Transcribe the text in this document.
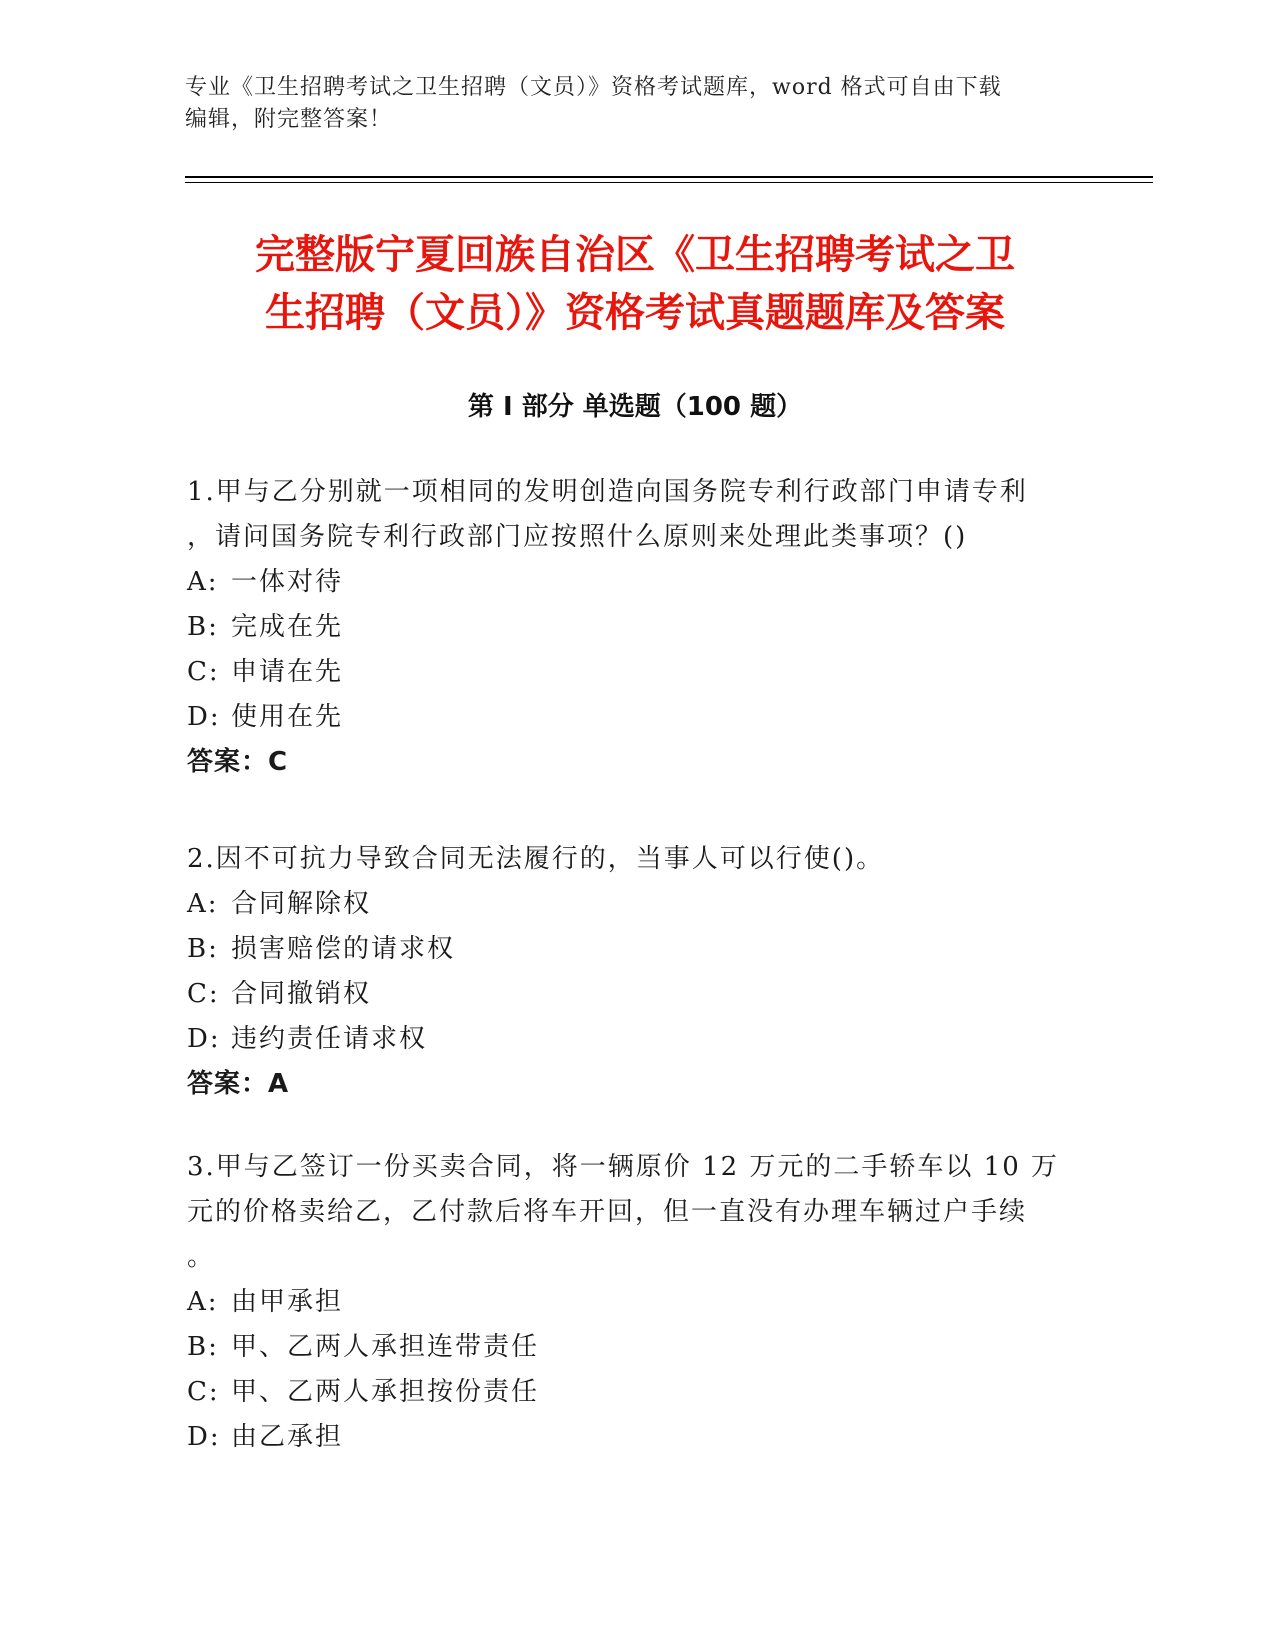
专业《卫生招聘考试之卫生招聘（文员）》资格考试题库，word 格式可自由下载

编辑，附完整答案！

完整版宁夏回族自治区《卫生招聘考试之卫

生招聘（文员）》资格考试真题题库及答案

第 I 部分 单选题（100 题）

1.甲与乙分别就一项相同的发明创造向国务院专利行政部门申请专利

，请问国务院专利行政部门应按照什么原则来处理此类事项？()

A: 一体对待

B: 完成在先

C: 申请在先

D: 使用在先

答案：C

2.因不可抗力导致合同无法履行的，当事人可以行使()。

A: 合同解除权

B: 损害赔偿的请求权

C: 合同撤销权

D: 违约责任请求权

答案：A

3.甲与乙签订一份买卖合同，将一辆原价 12 万元的二手轿车以 10 万

元的价格卖给乙，乙付款后将车开回，但一直没有办理车辆过户手续

。

A: 由甲承担

B: 甲、乙两人承担连带责任

C: 甲、乙两人承担按份责任

D: 由乙承担
